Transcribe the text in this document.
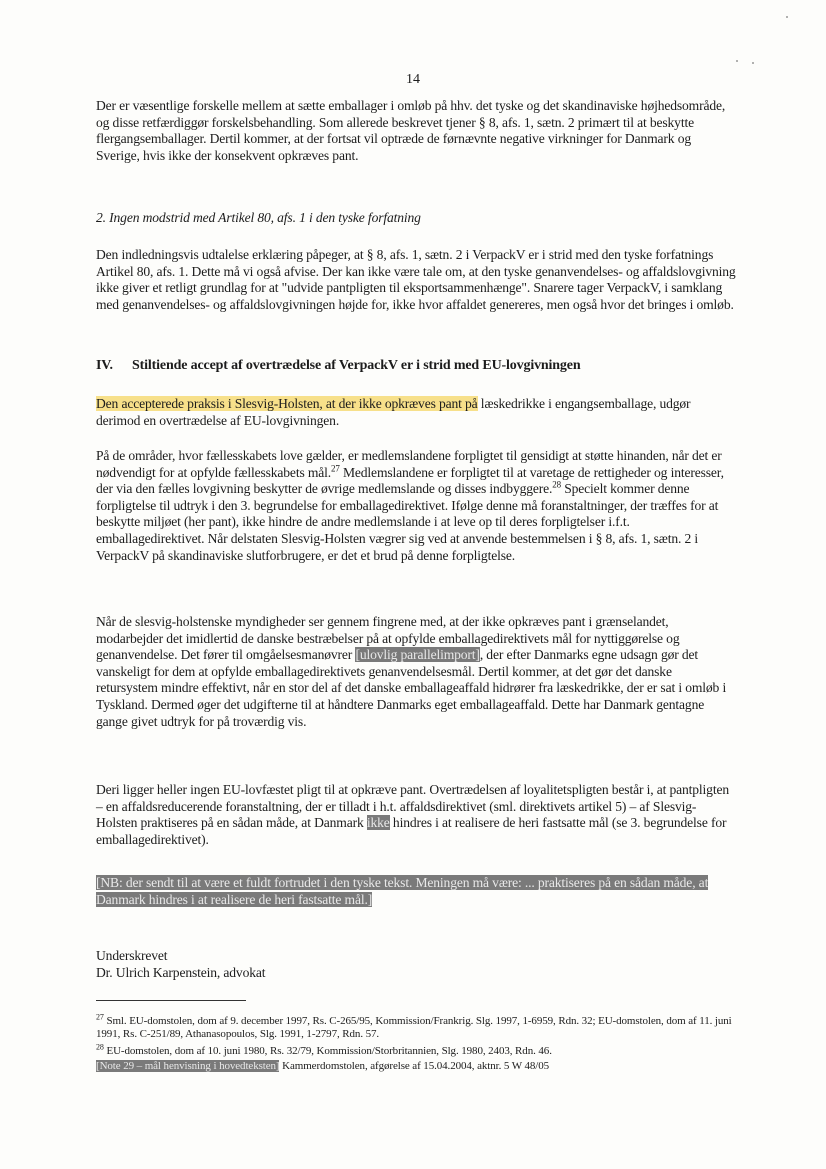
14

Der er væsentlige forskelle mellem at sætte emballager i omløb på hhv. det tyske og det skandinaviske højhedsområde, og disse retfærdiggør forskelsbehandling. Som allerede beskrevet tjener § 8, afs. 1, sætn. 2 primært til at beskytte flergangsemballager. Dertil kommer, at der fortsat vil optræde de førnævnte negative virkninger for Danmark og Sverige, hvis ikke der konsekvent opkræves pant.

2. Ingen modstrid med Artikel 80, afs. 1 i den tyske forfatning

Den indledningsvis udtalelse erklæring påpeger, at § 8, afs. 1, sætn. 2 i VerpackV er i strid med den tyske forfatnings Artikel 80, afs. 1. Dette må vi også afvise. Der kan ikke være tale om, at den tyske genanvendelses- og affaldslovgivning ikke giver et retligt grundlag for at "udvide pantpligten til eksportsammenhænge". Snarere tager VerpackV, i samklang med genanvendelses- og affaldslovgivningen højde for, ikke hvor affaldet genereres, men også hvor det bringes i omløb.

IV. Stiltiende accept af overtrædelse af VerpackV er i strid med EU-lovgivningen

Den accepterede praksis i Slesvig-Holsten, at der ikke opkræves pant på læskedrikke i engangsemballage, udgør derimod en overtrædelse af EU-lovgivningen.

På de områder, hvor fællesskabets love gælder, er medlemslandene forpligtet til gensidigt at støtte hinanden, når det er nødvendigt for at opfylde fællesskabets mål.$^{27}$ Medlemslandene er forpligtet til at varetage de rettigheder og interesser, der via den fælles lovgivning beskytter de øvrige medlemslande og disses indbyggere.$^{28}$ Specielt kommer denne forpligtelse til udtryk i den 3. begrundelse for emballagedirektivet. Ifølge denne må foranstaltninger, der træffes for at beskytte miljøet (her pant), ikke hindre de andre medlemslande i at leve op til deres forpligtelser i.f.t. emballagedirektivet. Når delstaten Slesvig-Holsten vægrer sig ved at anvende bestemmelsen i § 8, afs. 1, sætn. 2 i VerpackV på skandinaviske slutforbrugere, er det et brud på denne forpligtelse.

Når de slesvig-holstenske myndigheder ser gennem fingrene med, at der ikke opkræves pant i grænselandet, modarbejder det imidlertid de danske bestræbelser på at opfylde emballagedirektivets mål for nyttiggørelse og genanvendelse. Det fører til omgåelsesmanøvrer [ulovlig parallelimport], der efter Danmarks egne udsagn gør det vanskeligt for dem at opfylde emballagedirektivets genanvendelsesmål. Dertil kommer, at det gør det danske retursystem mindre effektivt, når en stor del af det danske emballageaffald hidrører fra læskedrikke, der er sat i omløb i Tyskland. Dermed øger det udgifterne til at håndtere Danmarks eget emballageaffald. Dette har Danmark gentagne gange givet udtryk for på troværdig vis.

Deri ligger heller ingen EU-lovfæstet pligt til at opkræve pant. Overtrædelsen af loyalitetspligten består i, at pantpligten – en affaldsreducerende foranstaltning, der er tilladt i h.t. affaldsdirektivet (sml. direktivets artikel 5) – af Slesvig-Holsten praktiseres på en sådan måde, at Danmark ikke hindres i at realisere de heri fastsatte mål (se 3. begrundelse for emballagedirektivet).

[NB: der sendt til at være et fuldt fortrudet i den tyske tekst. Meningen må være: ... praktiseres på en sådan måde, at Danmark hindres i at realisere de heri fastsatte mål.]

Underskrevet

Dr. Ulrich Karpenstein, advokat

$^{27}$ Sml. EU-domstolen, dom af 9. december 1997, Rs. C-265/95, Kommission/Frankrig. Slg. 1997, 1-6959, Rdn. 32; EU-domstolen, dom af 11. juni 1991, Rs. C-251/89, Athanasopoulos, Slg. 1991, 1-2797, Rdn. 57.
$^{28}$ EU-domstolen, dom af 10. juni 1980, Rs. 32/79, Kommission/Storbritannien, Slg. 1980, 2403, Rdn. 46.
[Note 29 – mål henvisning i hovedteksten] Kammerdomstolen, afgørelse af 15.04.2004, aktnr. 5 W 48/05
